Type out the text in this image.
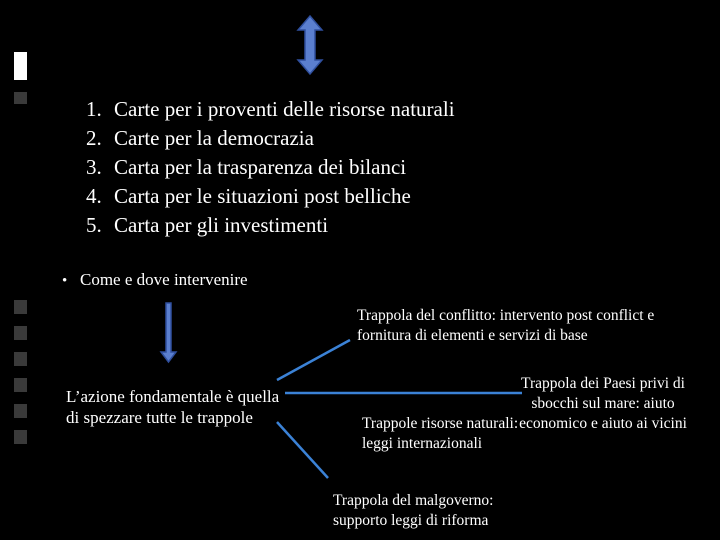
1. Carte per i proventi delle risorse naturali
2. Carte per la democrazia
3. Carta per la trasparenza dei bilanci
4. Carta per le situazioni post belliche
5. Carta per gli investimenti
• Come e dove intervenire
L’azione fondamentale è quella di spezzare tutte le trappole
Trappola del conflitto: intervento post conflict e fornitura di elementi e servizi di base
Trappola dei Paesi privi di sbocchi sul mare: aiuto economico e aiuto ai vicini
Trappole risorse naturali: leggi internazionali
Trappola del malgoverno: supporto leggi di riforma
